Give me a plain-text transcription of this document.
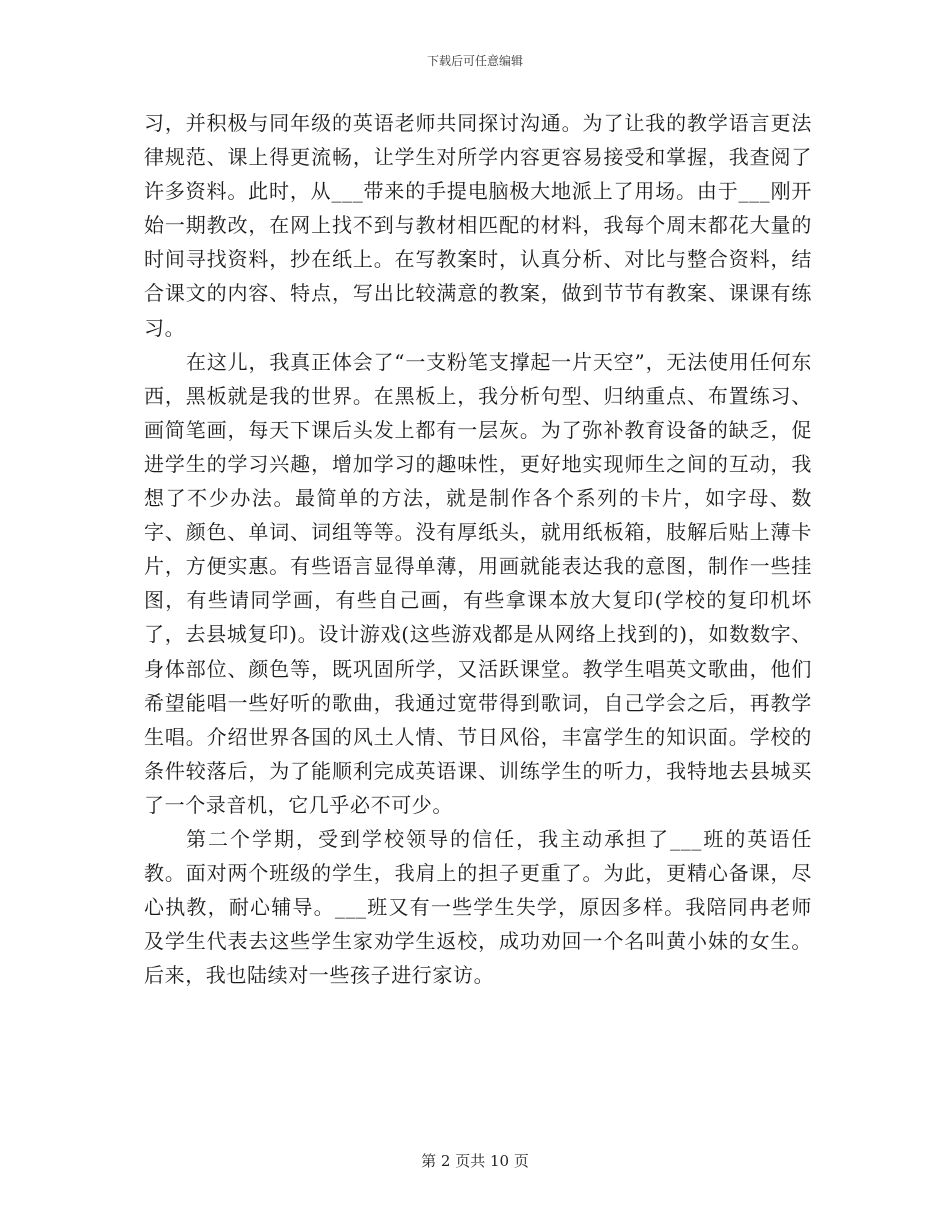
下载后可任意编辑

习，并积极与同年级的英语老师共同探讨沟通。为了让我的教学语言更法律规范、课上得更流畅，让学生对所学内容更容易接受和掌握，我查阅了许多资料。此时，从___带来的手提电脑极大地派上了用场。由于___刚开始一期教改，在网上找不到与教材相匹配的材料，我每个周末都花大量的时间寻找资料，抄在纸上。在写教案时，认真分析、对比与整合资料，结合课文的内容、特点，写出比较满意的教案，做到节节有教案、课课有练习。

在这儿，我真正体会了“一支粉笔支撑起一片天空”，无法使用任何东西，黑板就是我的世界。在黑板上，我分析句型、归纳重点、布置练习、画简笔画，每天下课后头发上都有一层灰。为了弥补教育设备的缺乏，促进学生的学习兴趣，增加学习的趣味性，更好地实现师生之间的互动，我想了不少办法。最简单的方法，就是制作各个系列的卡片，如字母、数字、颜色、单词、词组等等。没有厚纸头，就用纸板箱，肢解后贴上薄卡片，方便实惠。有些语言显得单薄，用画就能表达我的意图，制作一些挂图，有些请同学画，有些自己画，有些拿课本放大复印(学校的复印机坏了，去县城复印)。设计游戏(这些游戏都是从网络上找到的)，如数数字、身体部位、颜色等，既巩固所学，又活跃课堂。教学生唱英文歌曲，他们希望能唱一些好听的歌曲，我通过宽带得到歌词，自己学会之后，再教学生唱。介绍世界各国的风土人情、节日风俗，丰富学生的知识面。学校的条件较落后，为了能顺利完成英语课、训练学生的听力，我特地去县城买了一个录音机，它几乎必不可少。

第二个学期，受到学校领导的信任，我主动承担了___班的英语任教。面对两个班级的学生，我肩上的担子更重了。为此，更精心备课，尽心执教，耐心辅导。___班又有一些学生失学，原因多样。我陪同冉老师及学生代表去这些学生家劝学生返校，成功劝回一个名叫黄小妹的女生。后来，我也陆续对一些孩子进行家访。

第 2 页共 10 页
